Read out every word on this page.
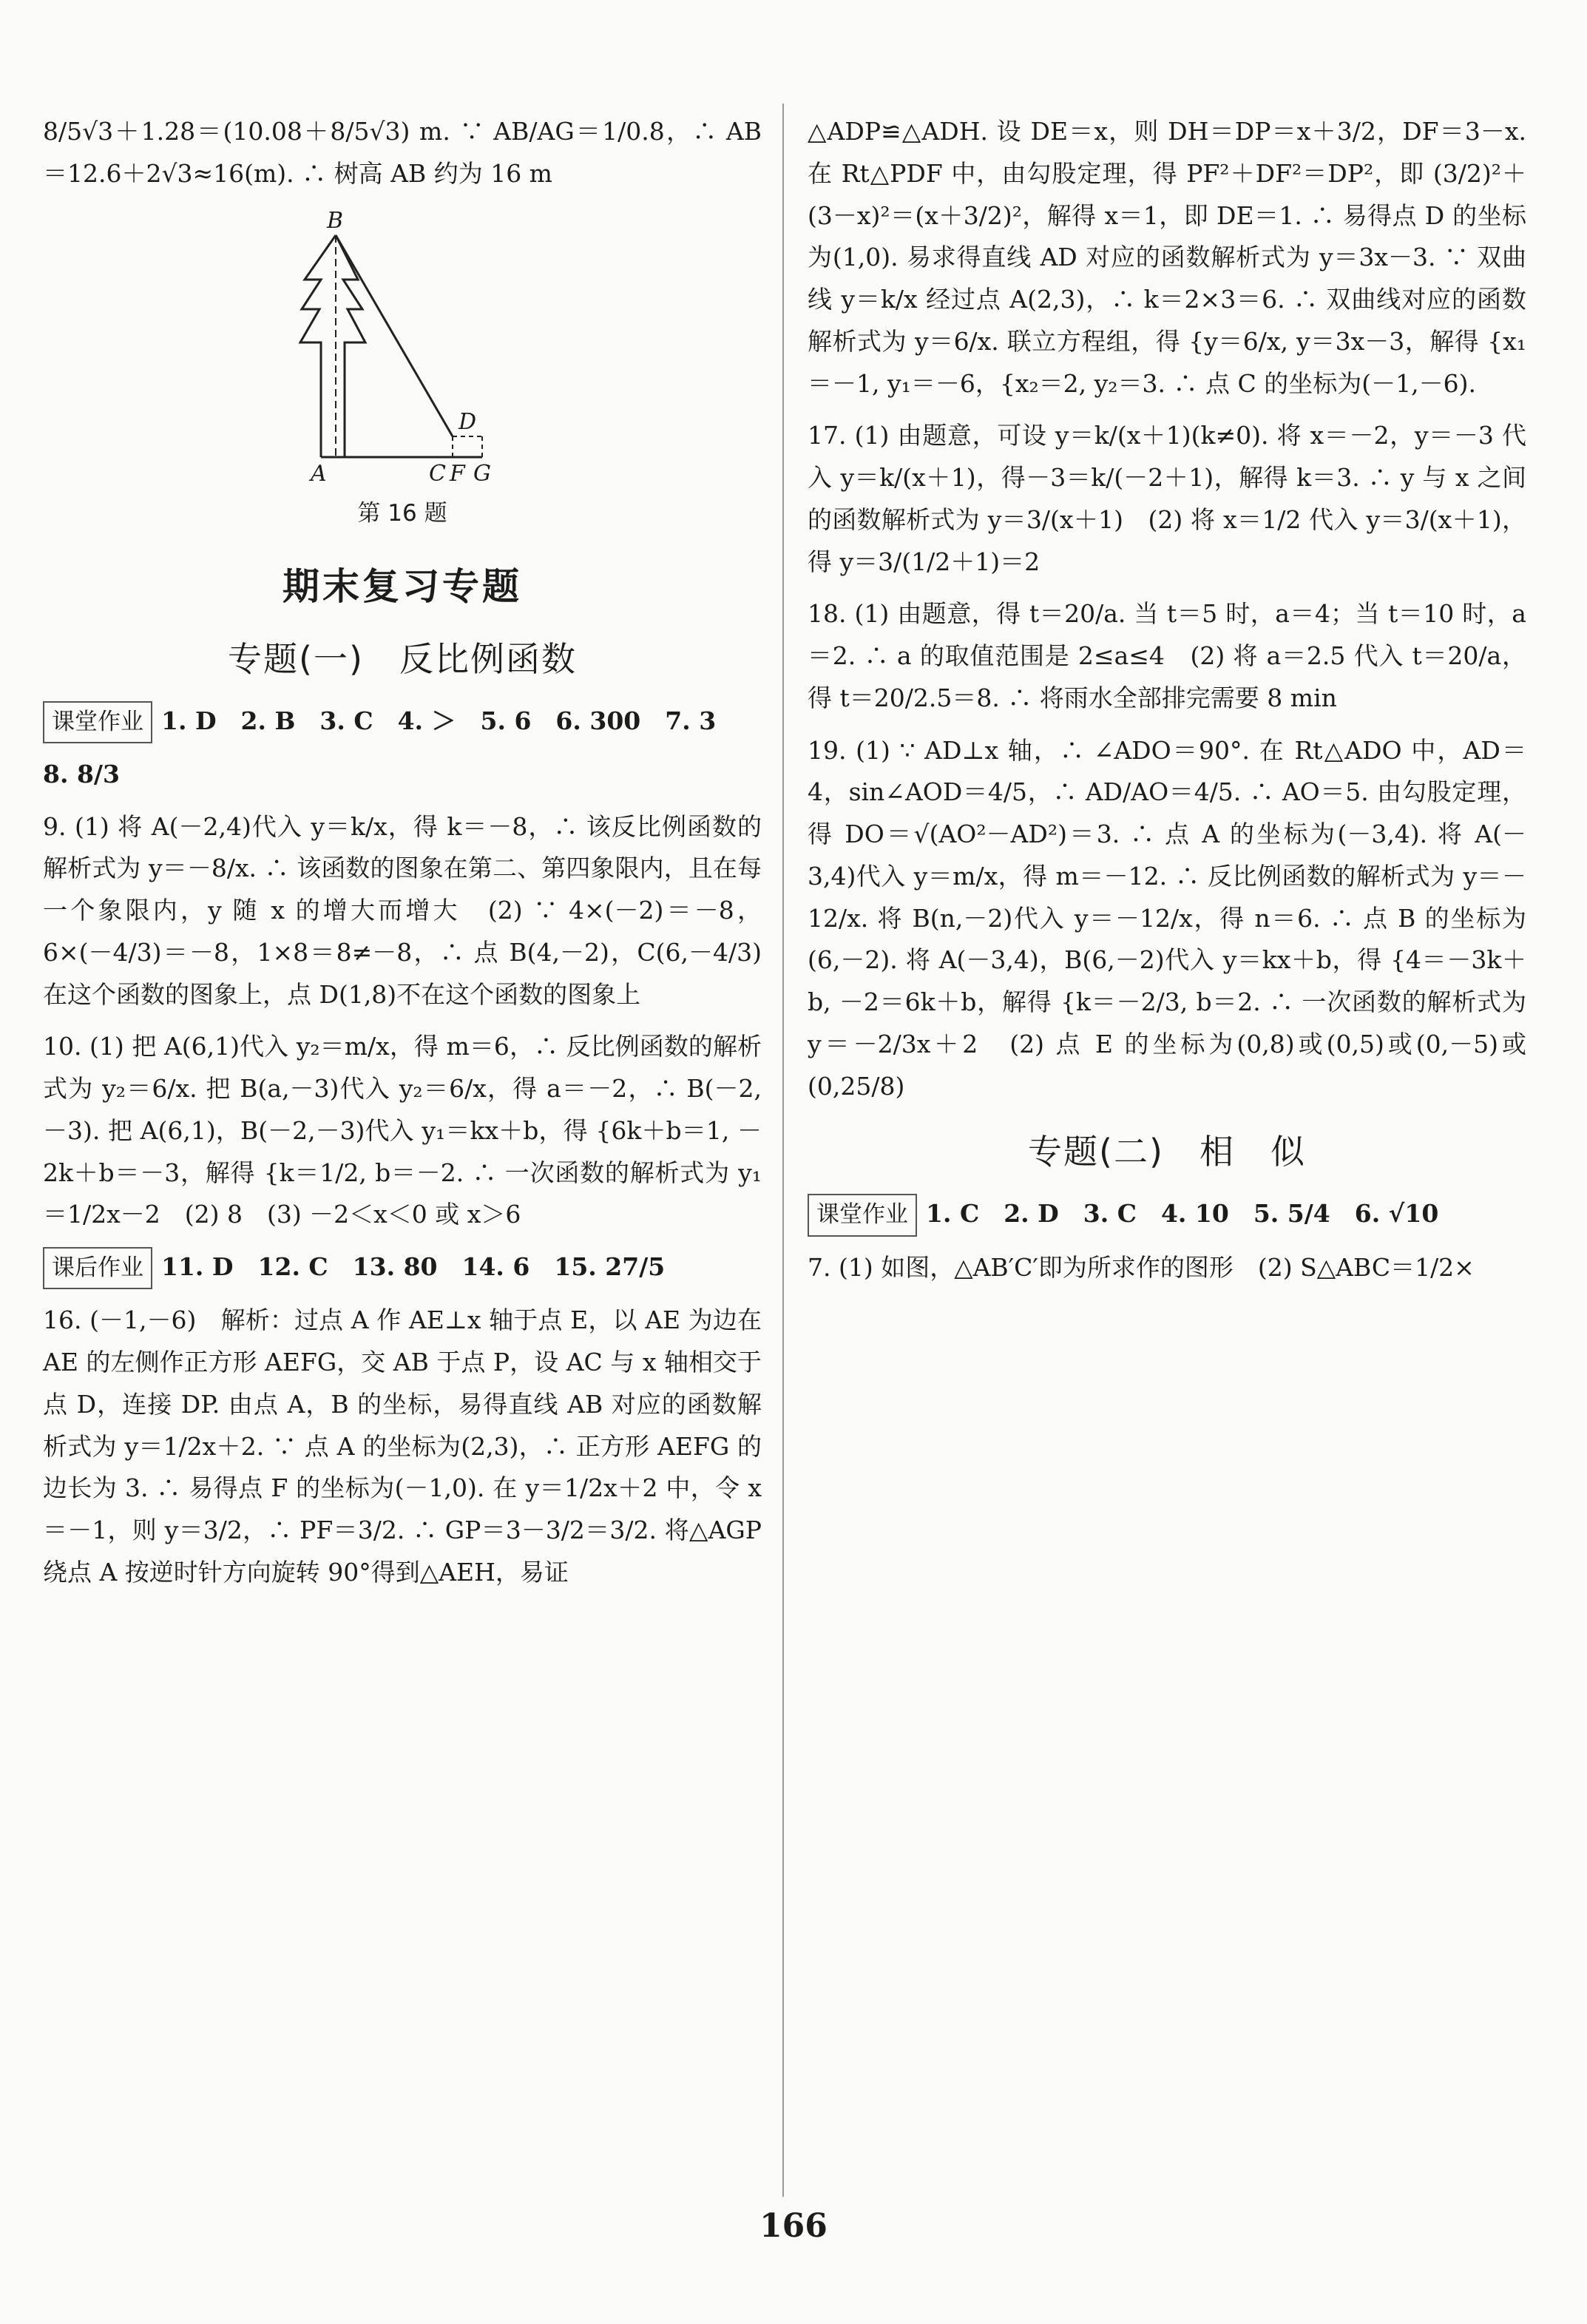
8/5√3＋1.28＝(10.08＋8/5√3) m. ∵ AB/AG＝1/0.8，∴ AB＝12.6＋2√3≈16(m). ∴ 树高 AB 约为 16 m

B
A	C
D
F G
第 16 题
期末复习专题
专题(一)　反比例函数

课堂作业 1. D　2. B　3. C　4. ＞　5. 6　6. 300　7. 3

8. 8/3

9. (1) 将 A(－2,4)代入 y＝k/x，得 k＝－8，∴ 该反比例函数的解析式为 y＝－8/x. ∴ 该函数的图象在第二、第四象限内，且在每一个象限内，y 随 x 的增大而增大　(2) ∵ 4×(－2)＝－8，6×(－4/3)＝－8，1×8＝8≠－8，∴ 点 B(4,－2)，C(6,－4/3)在这个函数的图象上，点 D(1,8)不在这个函数的图象上

10. (1) 把 A(6,1)代入 y₂＝m/x，得 m＝6，∴ 反比例函数的解析式为 y₂＝6/x. 把 B(a,－3)代入 y₂＝6/x，得 a＝－2，∴ B(－2,－3). 把 A(6,1)，B(－2,－3)代入 y₁＝kx＋b，得 {6k＋b＝1, －2k＋b＝－3，解得 {k＝1/2, b＝－2. ∴ 一次函数的解析式为 y₁＝1/2x－2　(2) 8　(3) －2＜x＜0 或 x＞6

课后作业 11. D　12. C　13. 80　14. 6　15. 27/5

16. (－1,－6)　解析：过点 A 作 AE⊥x 轴于点 E，以 AE 为边在 AE 的左侧作正方形 AEFG，交 AB 于点 P，设 AC 与 x 轴相交于点 D，连接 DP. 由点 A，B 的坐标，易得直线 AB 对应的函数解析式为 y＝1/2x＋2. ∵ 点 A 的坐标为(2,3)，∴ 正方形 AEFG 的边长为 3. ∴ 易得点 F 的坐标为(－1,0). 在 y＝1/2x＋2 中，令 x＝－1，则 y＝3/2，∴ PF＝3/2. ∴ GP＝3－3/2＝3/2. 将△AGP 绕点 A 按逆时针方向旋转 90°得到△AEH，易证

△ADP≌△ADH. 设 DE＝x，则 DH＝DP＝x＋3/2，DF＝3－x. 在 Rt△PDF 中，由勾股定理，得 PF²＋DF²＝DP²，即 (3/2)²＋(3－x)²＝(x＋3/2)²，解得 x＝1，即 DE＝1. ∴ 易得点 D 的坐标为(1,0). 易求得直线 AD 对应的函数解析式为 y＝3x－3. ∵ 双曲线 y＝k/x 经过点 A(2,3)，∴ k＝2×3＝6. ∴ 双曲线对应的函数解析式为 y＝6/x. 联立方程组，得 {y＝6/x, y＝3x－3，解得 {x₁＝－1, y₁＝－6，{x₂＝2, y₂＝3. ∴ 点 C 的坐标为(－1,－6).

17. (1) 由题意，可设 y＝k/(x＋1)(k≠0). 将 x＝－2，y＝－3 代入 y＝k/(x＋1)，得－3＝k/(－2＋1)，解得 k＝3. ∴ y 与 x 之间的函数解析式为 y＝3/(x＋1)　(2) 将 x＝1/2 代入 y＝3/(x＋1)，得 y＝3/(1/2＋1)＝2

18. (1) 由题意，得 t＝20/a. 当 t＝5 时，a＝4；当 t＝10 时，a＝2. ∴ a 的取值范围是 2≤a≤4　(2) 将 a＝2.5 代入 t＝20/a，得 t＝20/2.5＝8. ∴ 将雨水全部排完需要 8 min

19. (1) ∵ AD⊥x 轴，∴ ∠ADO＝90°. 在 Rt△ADO 中，AD＝4，sin∠AOD＝4/5，∴ AD/AO＝4/5. ∴ AO＝5. 由勾股定理，得 DO＝√(AO²－AD²)＝3. ∴ 点 A 的坐标为(－3,4). 将 A(－3,4)代入 y＝m/x，得 m＝－12. ∴ 反比例函数的解析式为 y＝－12/x. 将 B(n,－2)代入 y＝－12/x，得 n＝6. ∴ 点 B 的坐标为(6,－2). 将 A(－3,4)，B(6,－2)代入 y＝kx＋b，得 {4＝－3k＋b, －2＝6k＋b，解得 {k＝－2/3, b＝2. ∴ 一次函数的解析式为 y＝－2/3x＋2　(2) 点 E 的坐标为(0,8)或(0,5)或(0,－5)或(0,25/8)

专题(二)　相　似

课堂作业 1. C　2. D　3. C　4. 10　5. 5/4　6. √10

7. (1) 如图，△AB′C′即为所求作的图形　(2) S△ABC＝1/2×

166
